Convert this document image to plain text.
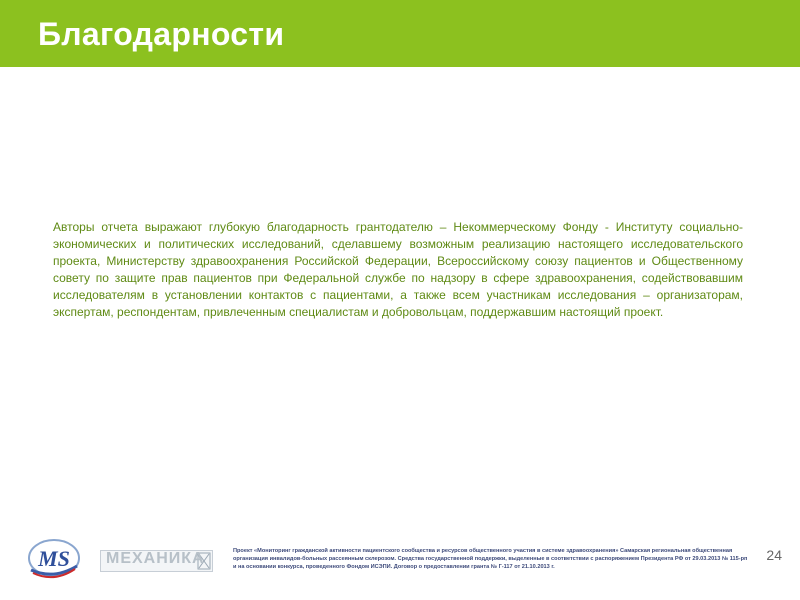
Благодарности

Авторы отчета выражают глубокую благодарность грантодателю – Некоммерческому Фонду - Институту социально-экономических и политических исследований, сделавшему возможным реализацию настоящего исследовательского проекта, Министерству здравоохранения Российской Федерации, Всероссийскому союзу пациентов и Общественному совету по защите прав пациентов при Федеральной службе по надзору в сфере здравоохранения, содействовавшим исследователям в установлении контактов с пациентами, а также всем участникам исследования – организаторам, экспертам, респондентам, привлеченным специалистам и добровольцам, поддержавшим настоящий проект.

MS МЕХАНИКА	Проект «Мониторинг гражданской активности пациентского сообщества и ресурсов общественного участия в системе здравоохранения» Самарская региональная общественная организация инвалидов-больных рассеянным склерозом. Средства государственной поддержки, выделенные в соответствии с распоряжением Президента РФ от 29.03.2013 № 115-рп и на основании конкурса, проведенного Фондом ИСЭПИ. Договор о предоставлении гранта № Г-117 от 21.10.2013 г.

24
